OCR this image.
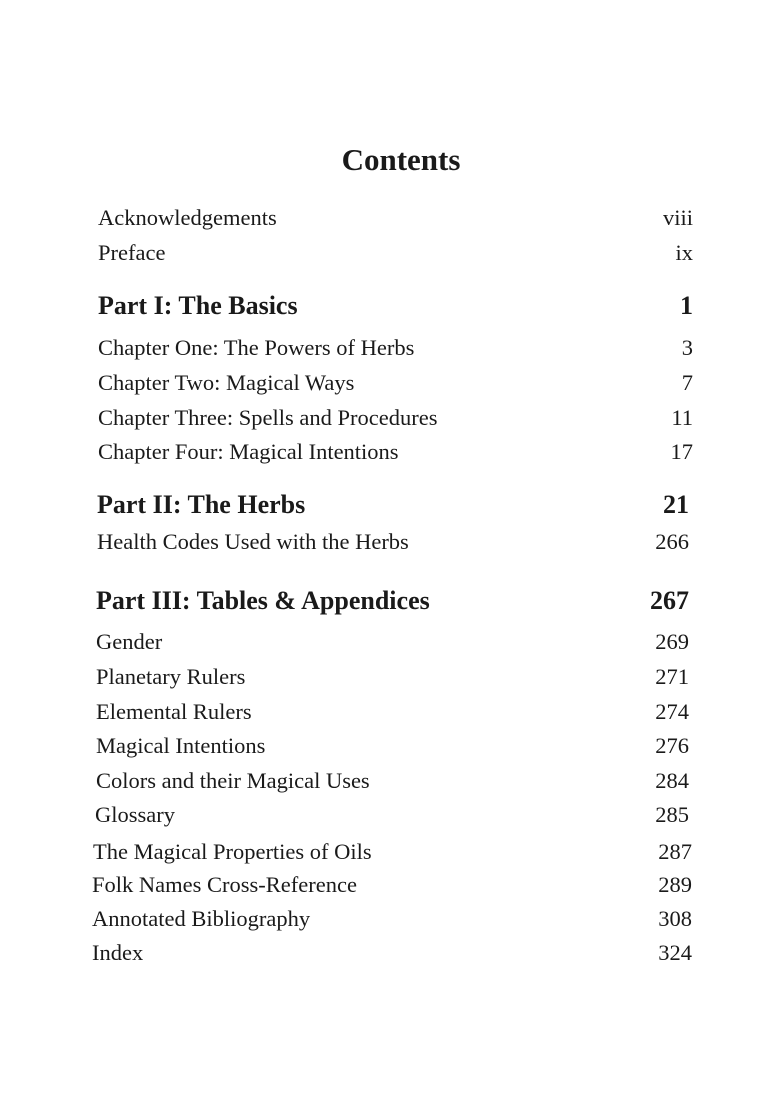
Contents
Acknowledgements	viii
Preface	ix
Part I: The Basics	1
Chapter One: The Powers of Herbs	3
Chapter Two: Magical Ways	7
Chapter Three: Spells and Procedures	11
Chapter Four: Magical Intentions	17
Part II: The Herbs	21
Health Codes Used with the Herbs	266
Part III: Tables & Appendices	267
Gender	269
Planetary Rulers	271
Elemental Rulers	274
Magical Intentions	276
Colors and their Magical Uses	284
Glossary	285
The Magical Properties of Oils	287
Folk Names Cross-Reference	289
Annotated Bibliography	308
Index	324
